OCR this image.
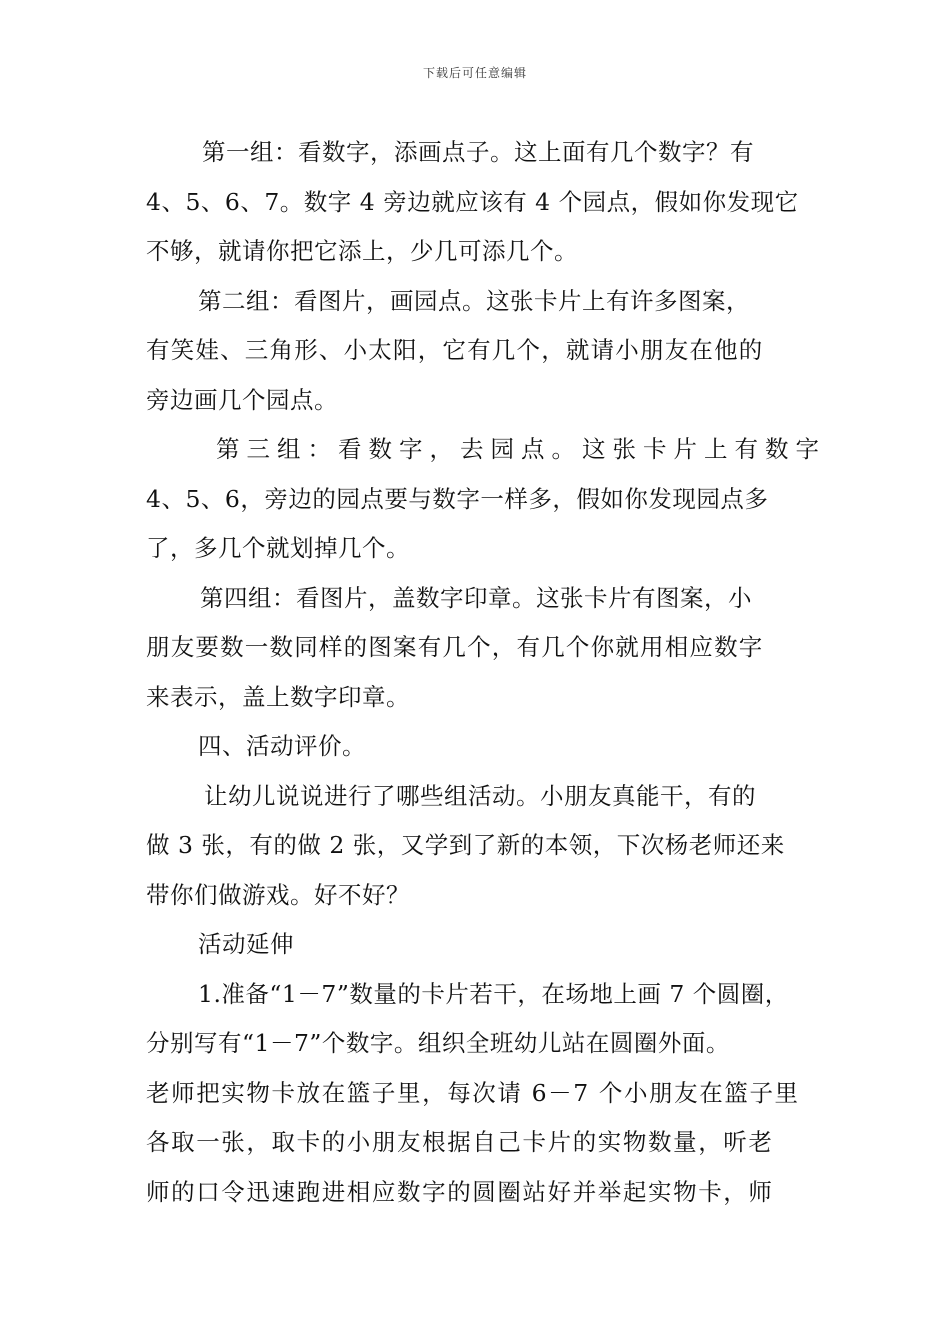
下载后可任意编辑
第一组：看数字，添画点子。这上面有几个数字？有
4、5、6、7。数字 4 旁边就应该有 4 个园点，假如你发现它
不够，就请你把它添上，少几可添几个。
第二组：看图片，画园点。这张卡片上有许多图案，
有笑娃、三角形、小太阳，它有几个，就请小朋友在他的
旁边画几个园点。
第三组：看数字，去园点。这张卡片上有数字
4、5、6，旁边的园点要与数字一样多，假如你发现园点多
了，多几个就划掉几个。
第四组：看图片，盖数字印章。这张卡片有图案，小
朋友要数一数同样的图案有几个，有几个你就用相应数字
来表示，盖上数字印章。
四、活动评价。
让幼儿说说进行了哪些组活动。小朋友真能干，有的
做 3 张，有的做 2 张，又学到了新的本领，下次杨老师还来
带你们做游戏。好不好？
活动延伸
1.准备“1－7”数量的卡片若干，在场地上画 7 个圆圈，
分别写有“1－7”个数字。组织全班幼儿站在圆圈外面。
老师把实物卡放在篮子里，每次请 6－7 个小朋友在篮子里
各取一张，取卡的小朋友根据自己卡片的实物数量，听老
师的口令迅速跑进相应数字的圆圈站好并举起实物卡，师
